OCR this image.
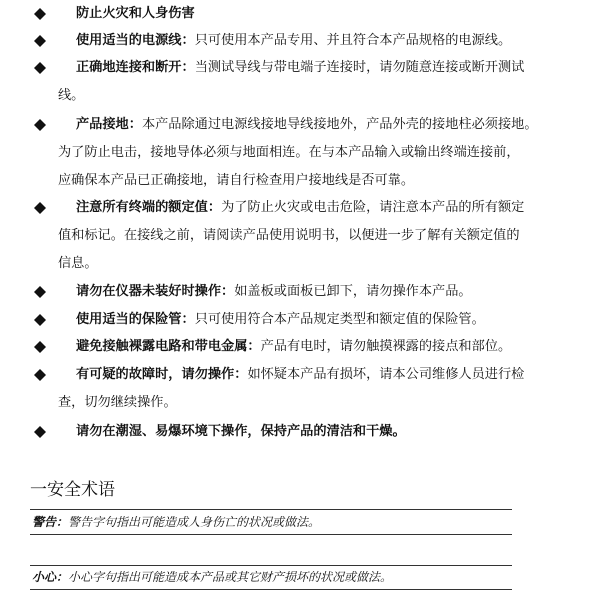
防止火灾和人身伤害
使用适当的电源线：只可使用本产品专用、并且符合本产品规格的电源线。
正确地连接和断开：当测试导线与带电端子连接时，请勿随意连接或断开测试
线。
产品接地：本产品除通过电源线接地导线接地外，产品外壳的接地柱必须接地。
为了防止电击，接地导体必须与地面相连。在与本产品输入或输出终端连接前，
应确保本产品已正确接地，请自行检查用户接地线是否可靠。
注意所有终端的额定值：为了防止火灾或电击危险，请注意本产品的所有额定
值和标记。在接线之前，请阅读产品使用说明书，以便进一步了解有关额定值的
信息。
请勿在仪器未装好时操作：如盖板或面板已卸下，请勿操作本产品。
使用适当的保险管：只可使用符合本产品规定类型和额定值的保险管。
避免接触裸露电路和带电金属：产品有电时，请勿触摸裸露的接点和部位。
有可疑的故障时，请勿操作：如怀疑本产品有损坏，请本公司维修人员进行检
查，切勿继续操作。
请勿在潮湿、易爆环境下操作，保持产品的清洁和干燥。
一安全术语
警告：警告字句指出可能造成人身伤亡的状况或做法。
小心：小心字句指出可能造成本产品或其它财产损坏的状况或做法。
